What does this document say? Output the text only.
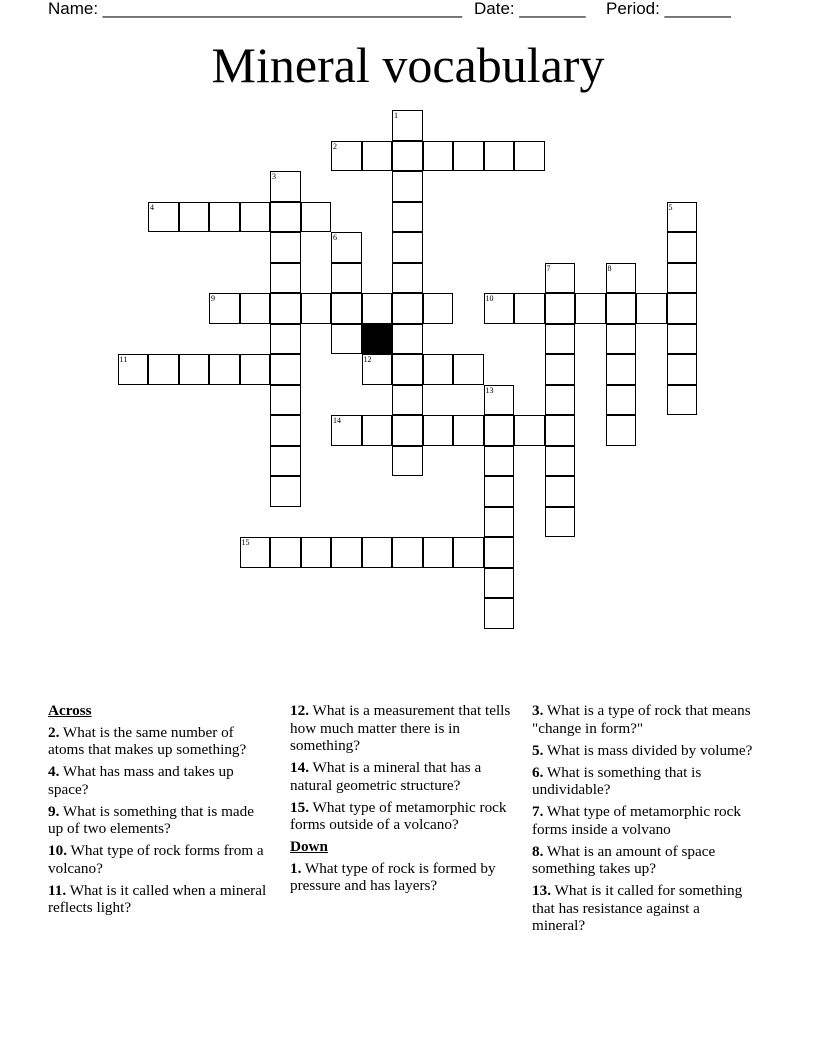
Name: ______________________________________ Date: _______ Period: _______
Mineral vocabulary
1
2
3
4	5
6
7	8
9	10
11	12
13
14
15
Across
2. What is the same number of atoms that makes up something?
4. What has mass and takes up space?
9. What is something that is made up of two elements?
10. What type of rock forms from a volcano?
11. What is it called when a mineral reflects light?
12. What is a measurement that tells how much matter there is in something?
14. What is a mineral that has a natural geometric structure?
15. What type of metamorphic rock forms outside of a volcano?
Down
1. What type of rock is formed by pressure and has layers?
3. What is a type of rock that means "change in form?"
5. What is mass divided by volume?
6. What is something that is undividable?
7. What type of metamorphic rock forms inside a volvano
8. What is an amount of space something takes up?
13. What is it called for something that has resistance against a mineral?
